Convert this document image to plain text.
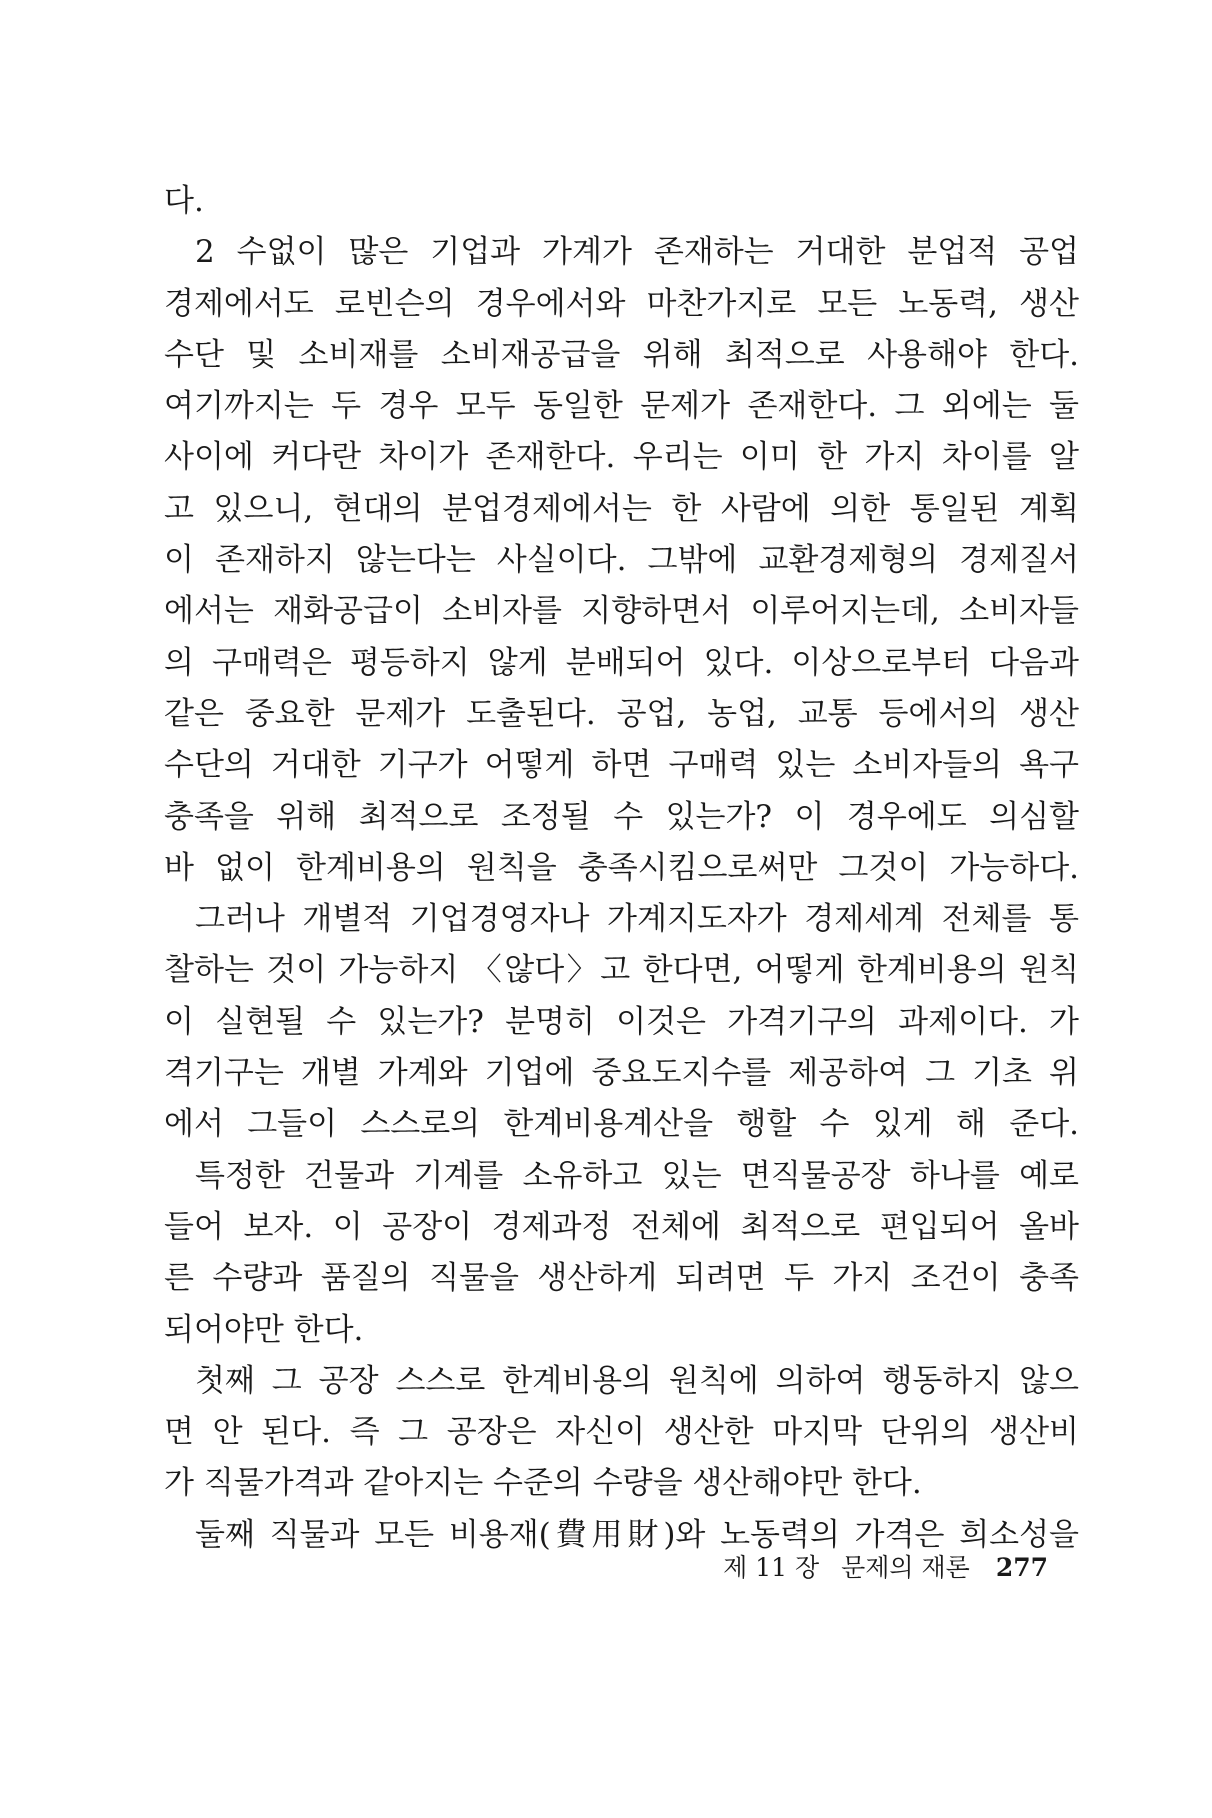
다.
2 수없이 많은 기업과 가계가 존재하는 거대한 분업적 공업
경제에서도 로빈슨의 경우에서와 마찬가지로 모든 노동력, 생산
수단 및 소비재를 소비재공급을 위해 최적으로 사용해야 한다.
여기까지는 두 경우 모두 동일한 문제가 존재한다. 그 외에는 둘
사이에 커다란 차이가 존재한다. 우리는 이미 한 가지 차이를 알
고 있으니, 현대의 분업경제에서는 한 사람에 의한 통일된 계획
이 존재하지 않는다는 사실이다. 그밖에 교환경제형의 경제질서
에서는 재화공급이 소비자를 지향하면서 이루어지는데, 소비자들
의 구매력은 평등하지 않게 분배되어 있다. 이상으로부터 다음과
같은 중요한 문제가 도출된다. 공업, 농업, 교통 등에서의 생산
수단의 거대한 기구가 어떻게 하면 구매력 있는 소비자들의 욕구
충족을 위해 최적으로 조정될 수 있는가? 이 경우에도 의심할
바 없이 한계비용의 원칙을 충족시킴으로써만 그것이 가능하다.
그러나 개별적 기업경영자나 가계지도자가 경제세계 전체를 통
찰하는 것이 가능하지 〈않다〉고 한다면, 어떻게 한계비용의 원칙
이 실현될 수 있는가? 분명히 이것은 가격기구의 과제이다. 가
격기구는 개별 가계와 기업에 중요도지수를 제공하여 그 기초 위
에서 그들이 스스로의 한계비용계산을 행할 수 있게 해 준다.
특정한 건물과 기계를 소유하고 있는 면직물공장 하나를 예로
들어 보자. 이 공장이 경제과정 전체에 최적으로 편입되어 올바
른 수량과 품질의 직물을 생산하게 되려면 두 가지 조건이 충족
되어야만 한다.
첫째 그 공장 스스로 한계비용의 원칙에 의하여 행동하지 않으
면 안 된다. 즉 그 공장은 자신이 생산한 마지막 단위의 생산비
가 직물가격과 같아지는 수준의 수량을 생산해야만 한다.
둘째 직물과 모든 비용재(費用財)와 노동력의 가격은 희소성을
제 11 장 문제의 재론 277
